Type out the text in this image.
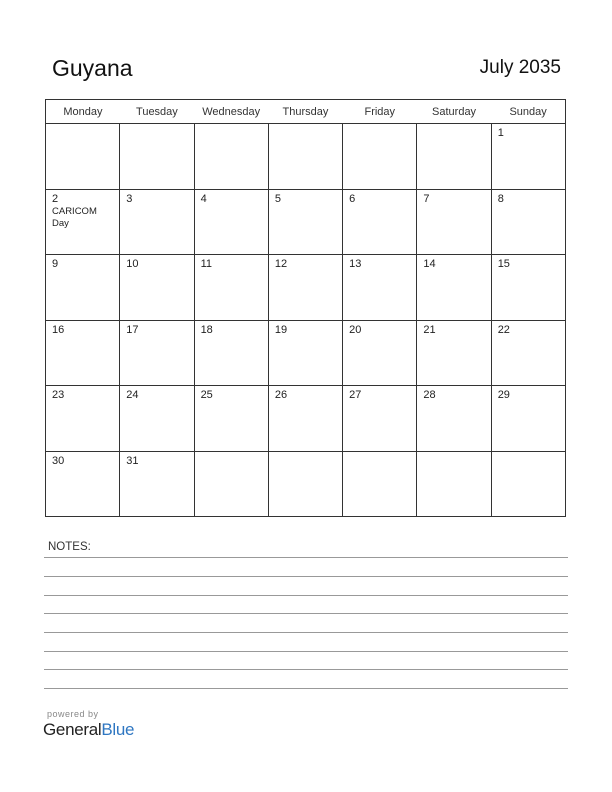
Guyana	July 2035
Monday	Tuesday	Wednesday	Thursday	Friday	Saturday	Sunday

						1

2
CARICOM Day	3	4	5	6	7	8

9	10	11	12	13	14	15

16	17	18	19	20	21	22

23	24	25	26	27	28	29

30	31					

NOTES:
powered by
GeneralBlue
